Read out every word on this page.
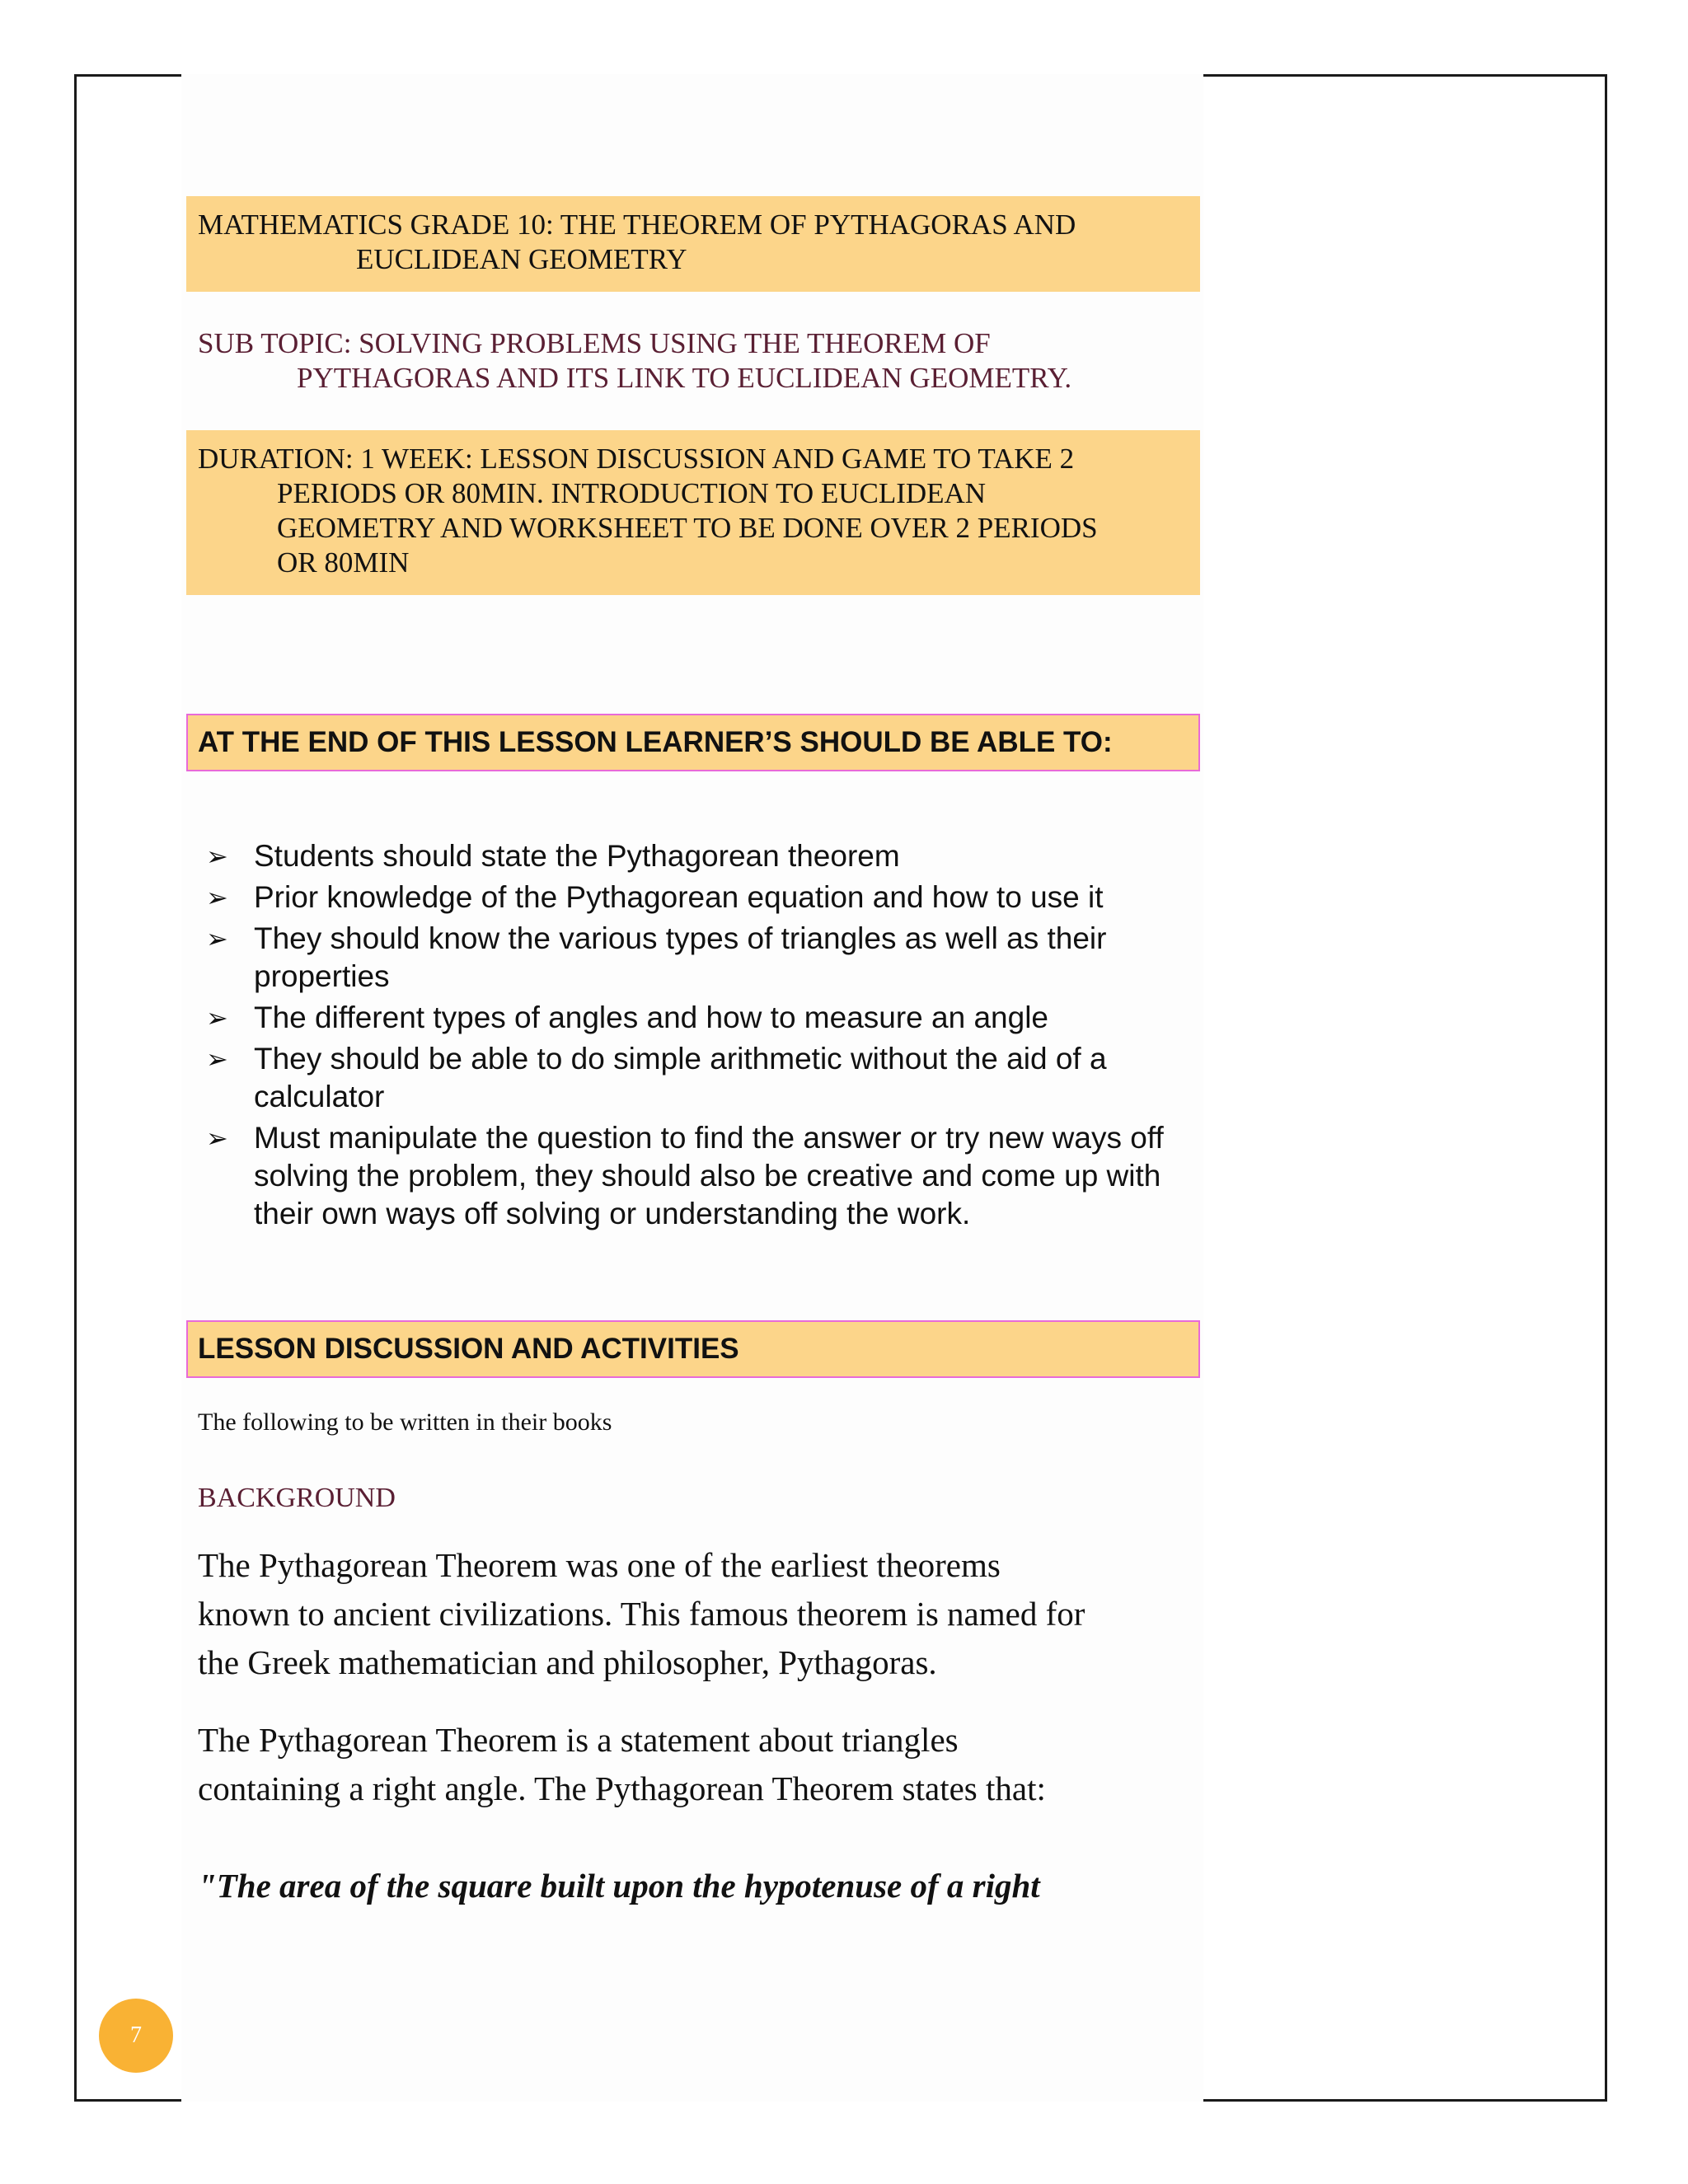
MATHEMATICS GRADE 10: THE THEOREM OF PYTHAGORAS AND
EUCLIDEAN GEOMETRY
SUB TOPIC: SOLVING PROBLEMS USING THE THEOREM OF
PYTHAGORAS AND ITS LINK TO EUCLIDEAN GEOMETRY.
DURATION: 1 WEEK: LESSON DISCUSSION AND GAME TO TAKE 2
PERIODS OR 80MIN. INTRODUCTION TO EUCLIDEAN
GEOMETRY AND WORKSHEET TO BE DONE OVER 2 PERIODS
OR 80MIN
AT THE END OF THIS LESSON LEARNER’S SHOULD BE ABLE TO:
➢ Students should state the Pythagorean theorem
➢ Prior knowledge of the Pythagorean equation and how to use it
➢ They should know the various types of triangles as well as their properties
➢ The different types of angles and how to measure an angle
➢ They should be able to do simple arithmetic without the aid of a calculator
➢ Must manipulate the question to find the answer or try new ways off solving the problem, they should also be creative and come up with their own ways off solving or understanding the work.
LESSON DISCUSSION AND ACTIVITIES
The following to be written in their books
BACKGROUND
The Pythagorean Theorem was one of the earliest theorems
known to ancient civilizations. This famous theorem is named for
the Greek mathematician and philosopher, Pythagoras.
The Pythagorean Theorem is a statement about triangles
containing a right angle. The Pythagorean Theorem states that:
"The area of the square built upon the hypotenuse of a right
7
